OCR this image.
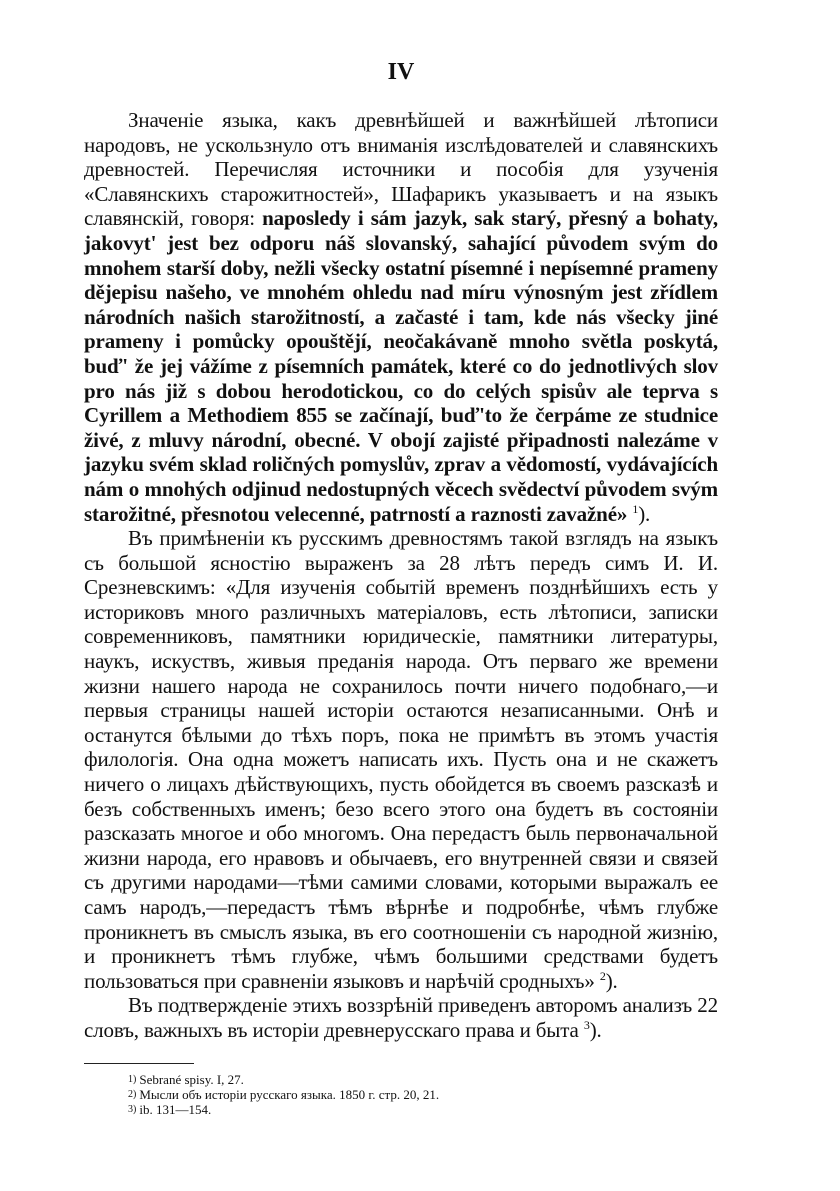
IV

Значеніе языка, какъ древнѣйшей и важнѣйшей лѣтописи народовъ, не ускользнуло отъ вниманія изслѣдователей и славянскихъ древностей. Перечисляя источники и пособія для узученія «Славянскихъ старожитностей», Шафарикъ указываетъ и на языкъ славянскій, говоря: naposledy i sám jazyk, sak starý, přesný a bohaty, jakovyt' jest bez odporu náš slovanský, sahající původem svým do mnohem starší doby, nežli všecky ostatní písemné i nepísemné prameny dějepisu našeho, ve mnohém ohledu nad míru výnosným jest zřídlem národních našich starožitností, a začasté i tam, kde nás všecky jiné prameny i pomůcky opouštějí, neočakávaně mnoho světla poskytá, buď' že jej vážíme z písemních památek, které co do jednotlivých slov pro nás již s dobou herodotickou, co do celých spisův ale teprva s Cyrillem a Methodiem 855 se začínají, buď'to že čerpáme ze studnice živé, z mluvy národní, obecné. V obojí zajisté připadnosti nalezáme v jazyku svém sklad roličných pomyslův, zprav a vědomostí, vydávajících nám o mnohých odjinud nedostupných věcech svědectví původem svým starožitné, přesnotou velecenné, patrností a raznosti zavažné» $^1$).

Въ примѣненіи къ русскимъ древностямъ такой взглядъ на языкъ съ большой ясностію выраженъ за 28 лѣтъ передъ симъ И. И. Срезневскимъ: «Для изученія событій временъ позднѣйшихъ есть у историковъ много различныхъ матеріаловъ, есть лѣтописи, записки современниковъ, памятники юридическіе, памятники литературы, наукъ, искуствъ, живыя преданія народа. Отъ перваго же времени жизни нашего народа не сохранилось почти ничего подобнаго,—и первыя страницы нашей исторіи остаются незаписанными. Онѣ и останутся бѣлыми до тѣхъ поръ, пока не примѣтъ въ этомъ участія филологія. Она одна можетъ написать ихъ. Пусть она и не скажетъ ничего о лицахъ дѣйствующихъ, пусть обойдется въ своемъ разсказѣ и безъ собственныхъ именъ; безо всего этого она будетъ въ состояніи разсказать многое и обо многомъ. Она передастъ быль первоначальной жизни народа, его нравовъ и обычаевъ, его внутренней связи и связей съ другими народами—тѣми самими словами, которыми выражалъ ее самъ народъ,—передастъ тѣмъ вѣрнѣе и подробнѣе, чѣмъ глубже проникнетъ въ смыслъ языка, въ его соотношеніи съ народной жизнію, и проникнетъ тѣмъ глубже, чѣмъ большими средствами будетъ пользоваться при сравненіи языковъ и нарѣчій сродныхъ» $^2$).

Въ подтвержденіе этихъ воззрѣній приведенъ авторомъ анализъ 22 словъ, важныхъ въ исторіи древнерусскаго права и быта $^3$).

1) Sebrané spisy. I, 27.
2) Мысли объ исторіи русскаго языка. 1850 г. стр. 20, 21.
3) ib. 131—154.
